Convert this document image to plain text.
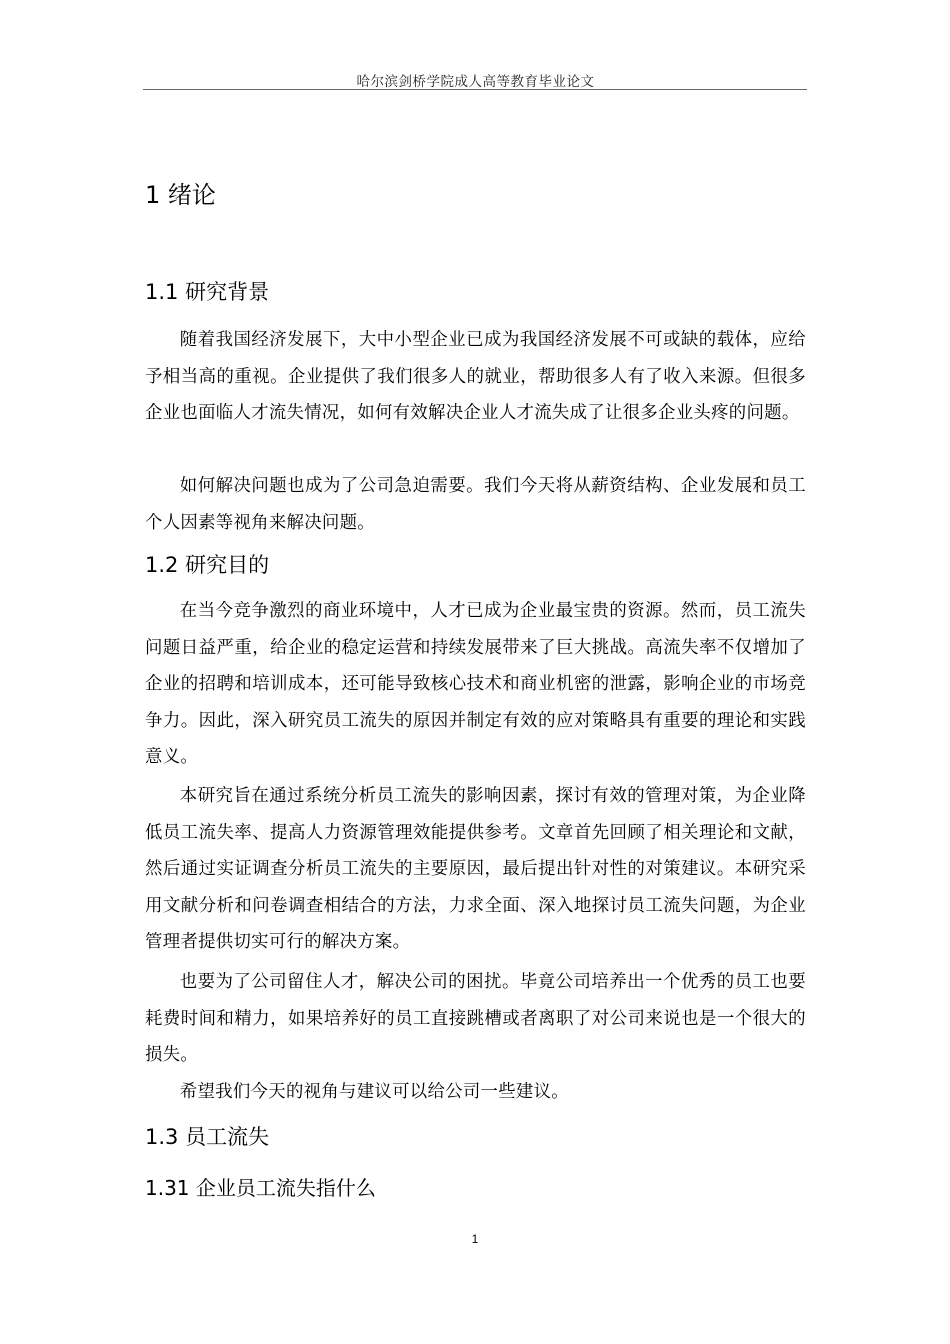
哈尔滨剑桥学院成人高等教育毕业论文
1 绪论
1.1 研究背景

随着我国经济发展下，大中小型企业已成为我国经济发展不可或缺的载体，应给予相当高的重视。企业提供了我们很多人的就业，帮助很多人有了收入来源。但很多企业也面临人才流失情况，如何有效解决企业人才流失成了让很多企业头疼的问题。

如何解决问题也成为了公司急迫需要。我们今天将从薪资结构、企业发展和员工个人因素等视角来解决问题。

1.2 研究目的

在当今竞争激烈的商业环境中，人才已成为企业最宝贵的资源。然而，员工流失问题日益严重，给企业的稳定运营和持续发展带来了巨大挑战。高流失率不仅增加了企业的招聘和培训成本，还可能导致核心技术和商业机密的泄露，影响企业的市场竞争力。因此，深入研究员工流失的原因并制定有效的应对策略具有重要的理论和实践意义。

本研究旨在通过系统分析员工流失的影响因素，探讨有效的管理对策，为企业降低员工流失率、提高人力资源管理效能提供参考。文章首先回顾了相关理论和文献，然后通过实证调查分析员工流失的主要原因，最后提出针对性的对策建议。本研究采用文献分析和问卷调查相结合的方法，力求全面、深入地探讨员工流失问题，为企业管理者提供切实可行的解决方案。

也要为了公司留住人才，解决公司的困扰。毕竟公司培养出一个优秀的员工也要耗费时间和精力，如果培养好的员工直接跳槽或者离职了对公司来说也是一个很大的损失。

希望我们今天的视角与建议可以给公司一些建议。

1.3 员工流失
1.31 企业员工流失指什么
1
